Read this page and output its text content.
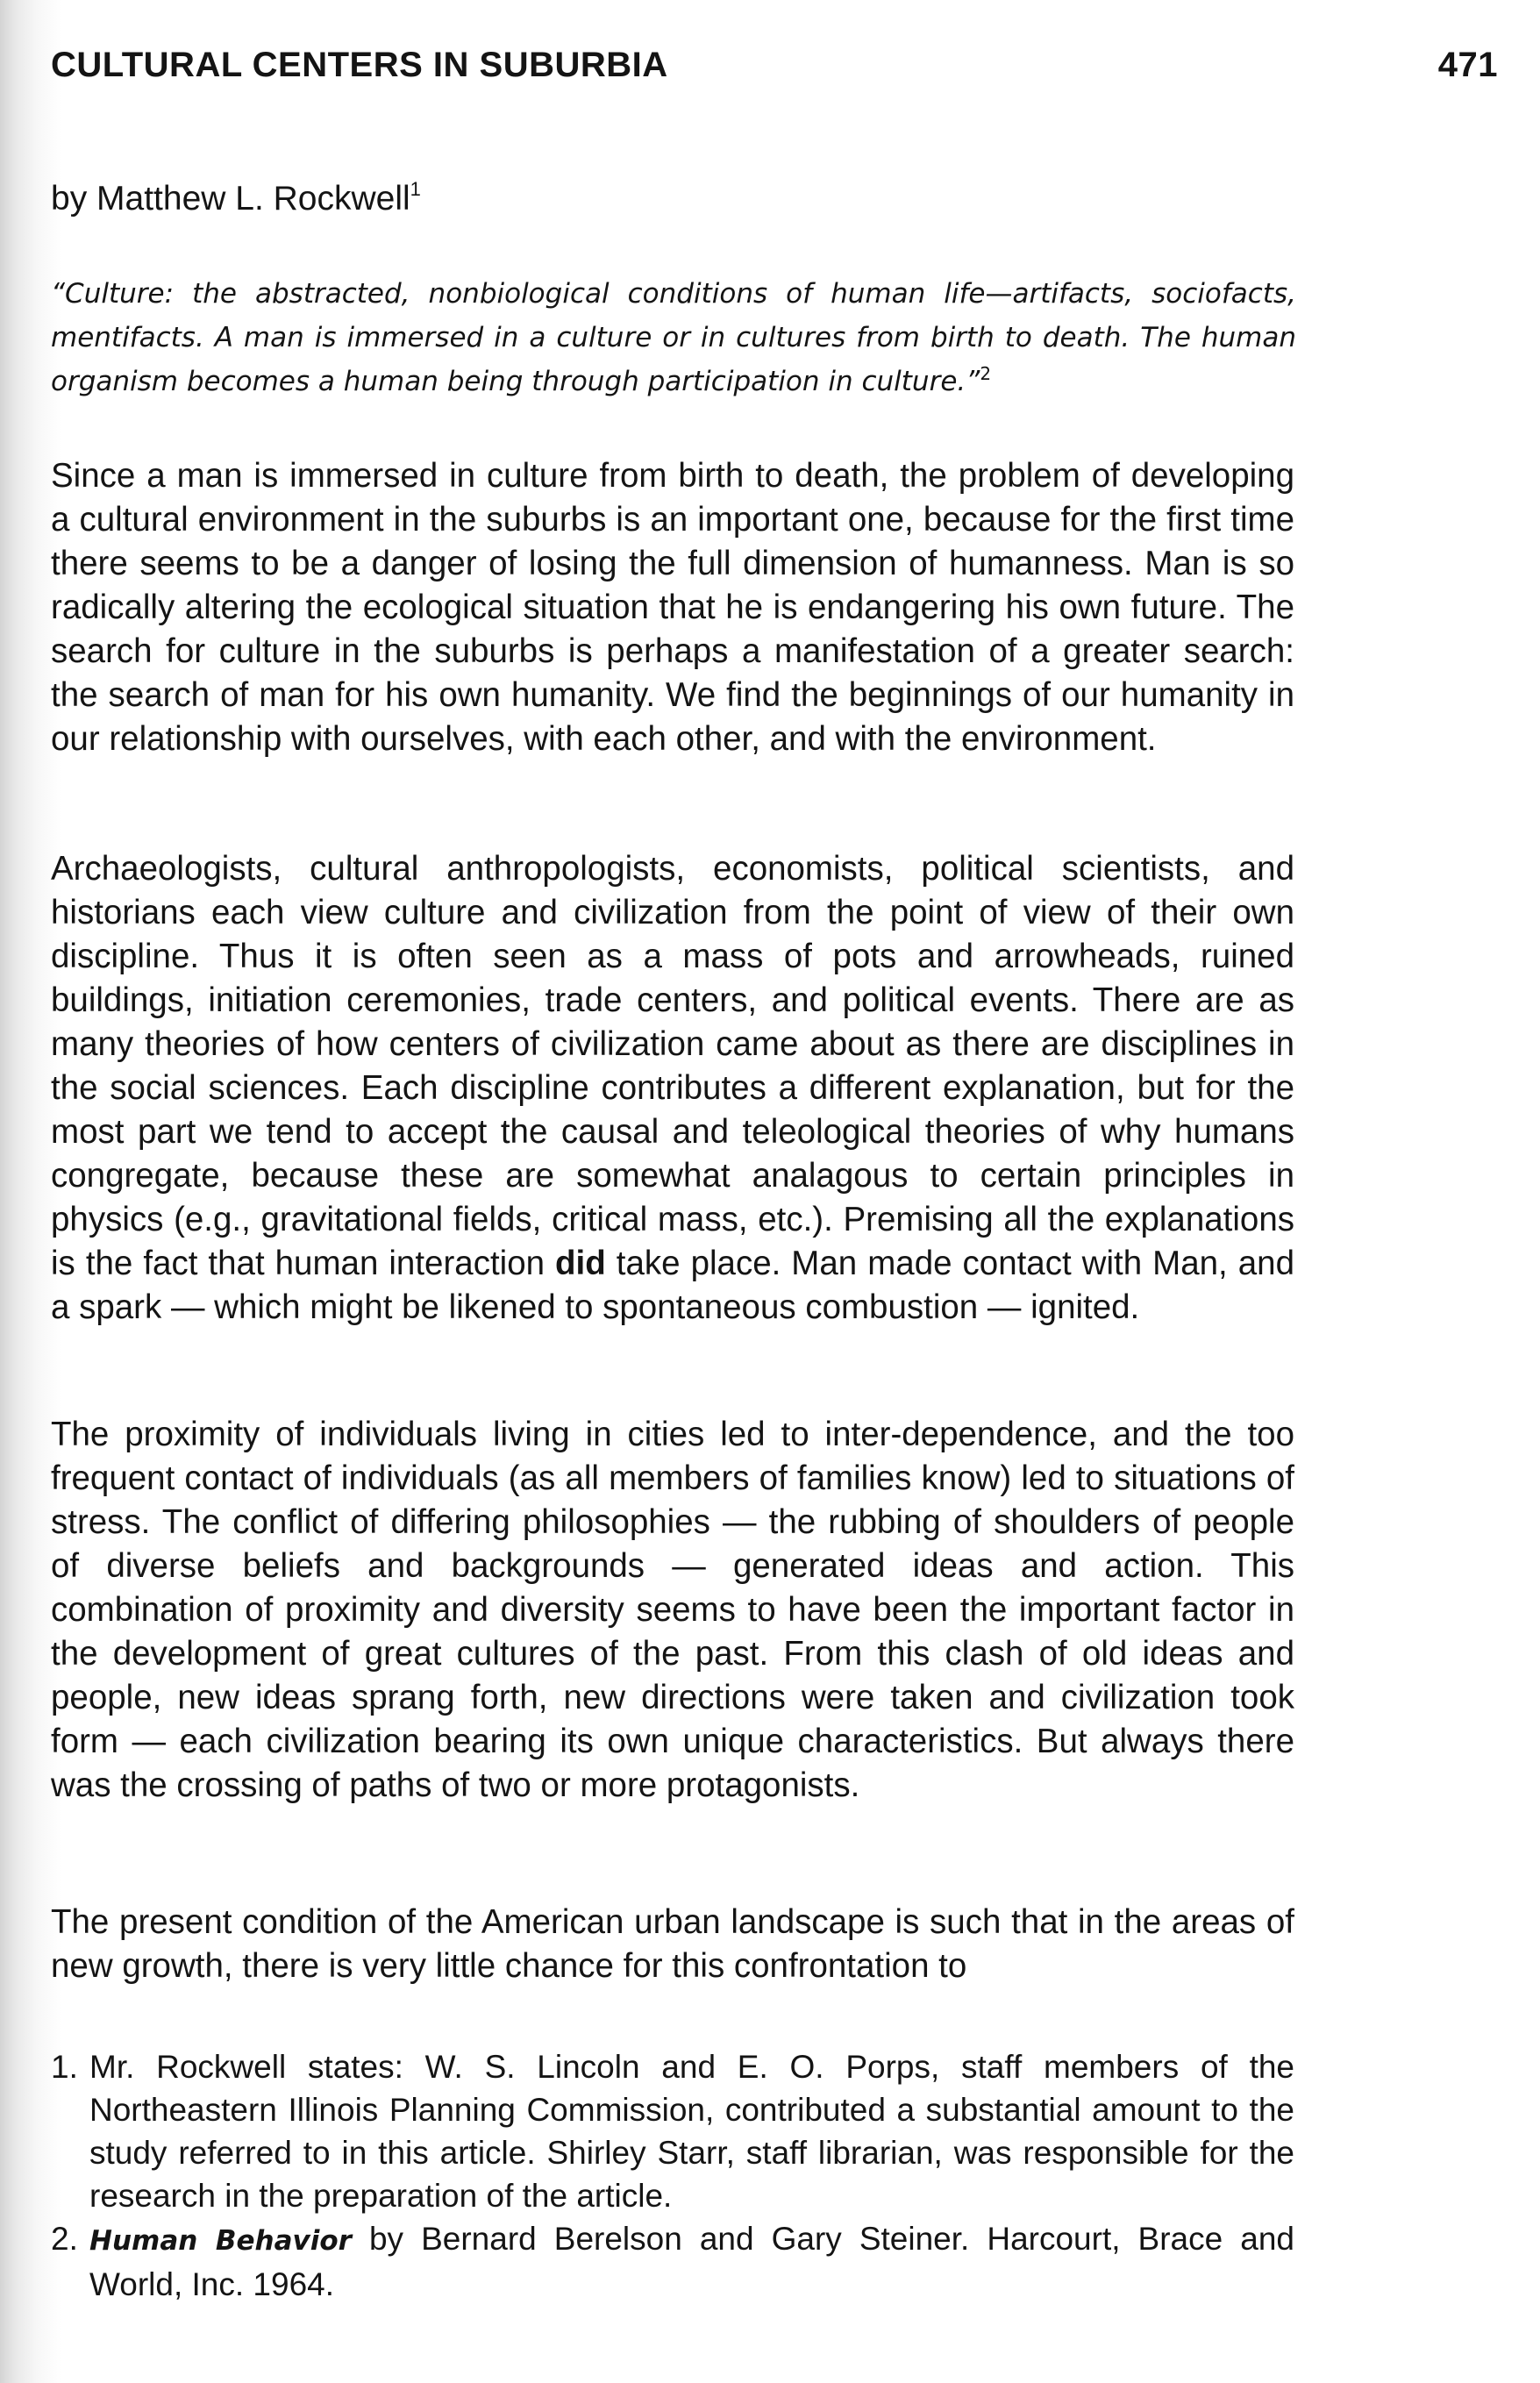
CULTURAL CENTERS IN SUBURBIA	471
by Matthew L. Rockwell$^1$
“Culture: the abstracted, nonbiological conditions of human life—artifacts, sociofacts, mentifacts. A man is immersed in a culture or in cultures from birth to death. The human organism becomes a human being through participation in culture.”$^2$

Since a man is immersed in culture from birth to death, the problem of developing a cultural environment in the suburbs is an important one, because for the first time there seems to be a danger of losing the full dimension of humanness. Man is so radically altering the ecological situation that he is endangering his own future. The search for culture in the suburbs is perhaps a manifestation of a greater search: the search of man for his own humanity. We find the beginnings of our humanity in our relationship with ourselves, with each other, and with the environment.

Archaeologists, cultural anthropologists, economists, political scientists, and historians each view culture and civilization from the point of view of their own discipline. Thus it is often seen as a mass of pots and arrowheads, ruined buildings, initiation ceremonies, trade centers, and political events. There are as many theories of how centers of civilization came about as there are disciplines in the social sciences. Each discipline contributes a different explanation, but for the most part we tend to accept the causal and teleological theories of why humans congregate, because these are somewhat analagous to certain principles in physics (e.g., gravitational fields, critical mass, etc.). Premising all the explanations is the fact that human interaction did take place. Man made contact with Man, and a spark — which might be likened to spontaneous combustion — ignited.

The proximity of individuals living in cities led to inter-dependence, and the too frequent contact of individuals (as all members of families know) led to situations of stress. The conflict of differing philosophies — the rubbing of shoulders of people of diverse beliefs and backgrounds — generated ideas and action. This combination of proximity and diversity seems to have been the important factor in the development of great cultures of the past. From this clash of old ideas and people, new ideas sprang forth, new directions were taken and civilization took form — each civilization bearing its own unique characteristics. But always there was the crossing of paths of two or more protagonists.

The present condition of the American urban landscape is such that in the areas of new growth, there is very little chance for this confrontation to

1. Mr. Rockwell states: W. S. Lincoln and E. O. Porps, staff members of the Northeastern Illinois Planning Commission, contributed a substantial amount to the study referred to in this article. Shirley Starr, staff librarian, was responsible for the research in the preparation of the article.
2. Human Behavior by Bernard Berelson and Gary Steiner. Harcourt, Brace and World, Inc. 1964.
